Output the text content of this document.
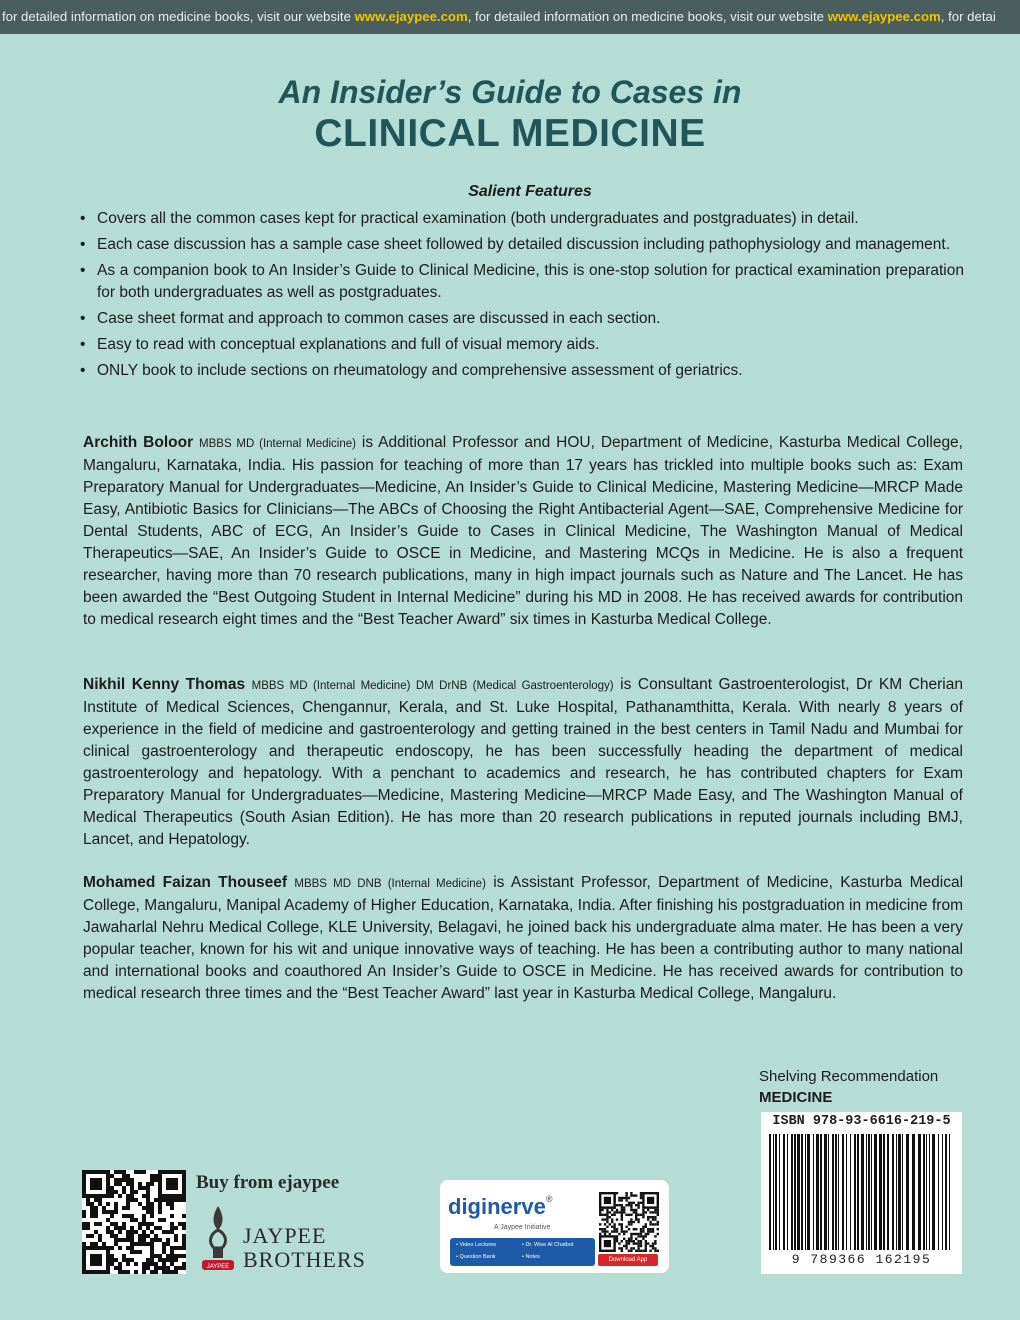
for detailed information on medicine books, visit our website www.ejaypee.com, for detailed information on medicine books, visit our website www.ejaypee.com, for detai
An Insider’s Guide to Cases in
CLINICAL MEDICINE
Salient Features
• Covers all the common cases kept for practical examination (both undergraduates and postgraduates) in detail.
• Each case discussion has a sample case sheet followed by detailed discussion including pathophysiology and management.
• As a companion book to An Insider’s Guide to Clinical Medicine, this is one-stop solution for practical examination preparation for both undergraduates as well as postgraduates.
• Case sheet format and approach to common cases are discussed in each section.
• Easy to read with conceptual explanations and full of visual memory aids.
• ONLY book to include sections on rheumatology and comprehensive assessment of geriatrics.

Archith Boloor MBBS MD (Internal Medicine) is Additional Professor and HOU, Department of Medicine, Kasturba Medical College, Mangaluru, Karnataka, India. His passion for teaching of more than 17 years has trickled into multiple books such as: Exam Preparatory Manual for Undergraduates—Medicine, An Insider’s Guide to Clinical Medicine, Mastering Medicine—MRCP Made Easy, Antibiotic Basics for Clinicians—The ABCs of Choosing the Right Antibacterial Agent—SAE, Comprehensive Medicine for Dental Students, ABC of ECG, An Insider’s Guide to Cases in Clinical Medicine, The Washington Manual of Medical Therapeutics—SAE, An Insider’s Guide to OSCE in Medicine, and Mastering MCQs in Medicine. He is also a frequent researcher, having more than 70 research publications, many in high impact journals such as Nature and The Lancet. He has been awarded the “Best Outgoing Student in Internal Medicine” during his MD in 2008. He has received awards for contribution to medical research eight times and the “Best Teacher Award” six times in Kasturba Medical College.

Nikhil Kenny Thomas MBBS MD (Internal Medicine) DM DrNB (Medical Gastroenterology) is Consultant Gastroenterologist, Dr KM Cherian Institute of Medical Sciences, Chengannur, Kerala, and St. Luke Hospital, Pathanamthitta, Kerala. With nearly 8 years of experience in the field of medicine and gastroenterology and getting trained in the best centers in Tamil Nadu and Mumbai for clinical gastroenterology and therapeutic endoscopy, he has been successfully heading the department of medical gastroenterology and hepatology. With a penchant to academics and research, he has contributed chapters for Exam Preparatory Manual for Undergraduates—Medicine, Mastering Medicine—MRCP Made Easy, and The Washington Manual of Medical Therapeutics (South Asian Edition). He has more than 20 research publications in reputed journals including BMJ, Lancet, and Hepatology.

Mohamed Faizan Thouseef MBBS MD DNB (Internal Medicine) is Assistant Professor, Department of Medicine, Kasturba Medical College, Mangaluru, Manipal Academy of Higher Education, Karnataka, India. After finishing his postgraduation in medicine from Jawaharlal Nehru Medical College, KLE University, Belagavi, he joined back his undergraduate alma mater. He has been a very popular teacher, known for his wit and unique innovative ways of teaching. He has been a contributing author to many national and international books and coauthored An Insider’s Guide to OSCE in Medicine. He has received awards for contribution to medical research three times and the “Best Teacher Award” last year in Kasturba Medical College, Mangaluru.

Shelving Recommendation
MEDICINE
ISBN 978-93-6616-219-5
9 789366 162195
Buy from ejaypee
JAYPEE
JAYPEE
BROTHERS
diginerve®
A Jaypee Initiative
• Video Lectures	• Dr. Wise AI Chatbot
• Question Bank	• Notes	Download App
